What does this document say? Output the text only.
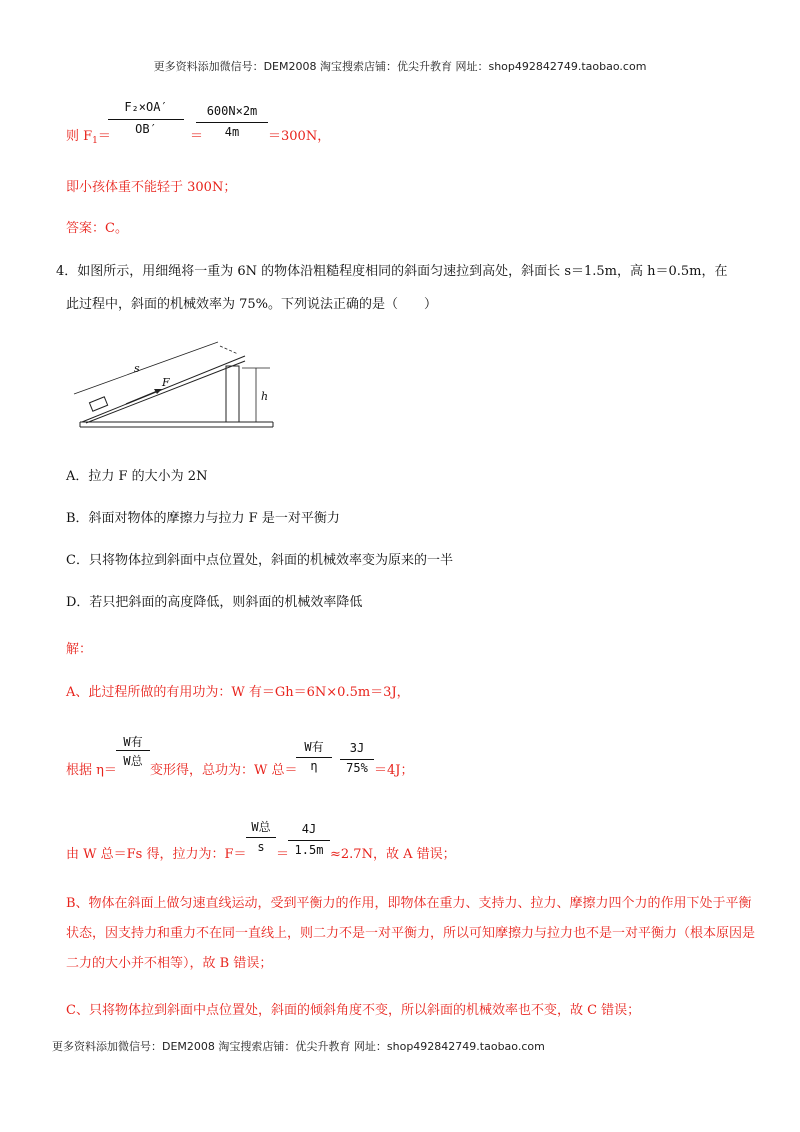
更多资料添加微信号：DEM2008 淘宝搜索店铺：优尖升教育 网址：shop492842749.taobao.com
则 $F_1=$
F₂×OA′
OB′	＝
600N×2m
4m	＝300N，
即小孩体重不能轻于 300N；
答案：C。
4．如图所示，用细绳将一重为 6N 的物体沿粗糙程度相同的斜面匀速拉到高处，斜面长 s＝1.5m，高 h＝0.5m，在
此过程中，斜面的机械效率为 75%。下列说法正确的是（　　）
s
F
h
A．拉力 F 的大小为 2N
B．斜面对物体的摩擦力与拉力 F 是一对平衡力
C．只将物体拉到斜面中点位置处，斜面的机械效率变为原来的一半
D．若只把斜面的高度降低，则斜面的机械效率降低
解：
A、此过程所做的有用功为：W 有＝Gh＝6N×0.5m＝3J，
根据 η＝
W有
W总
变形得，总功为：W 总＝
W有
η
3J
75% ＝4J；
由 W 总＝Fs 得，拉力为：F＝
W总
s ＝
4J
1.5m ≈2.7N，故 A 错误；
B、物体在斜面上做匀速直线运动，受到平衡力的作用，即物体在重力、支持力、拉力、摩擦力四个力的作用下处于平衡状态，因支持力和重力不在同一直线上，则二力不是一对平衡力，所以可知摩擦力与拉力也不是一对平衡力（根本原因是二力的大小并不相等），故 B 错误；
C、只将物体拉到斜面中点位置处，斜面的倾斜角度不变，所以斜面的机械效率也不变，故 C 错误；
更多资料添加微信号：DEM2008 淘宝搜索店铺：优尖升教育 网址：shop492842749.taobao.com
